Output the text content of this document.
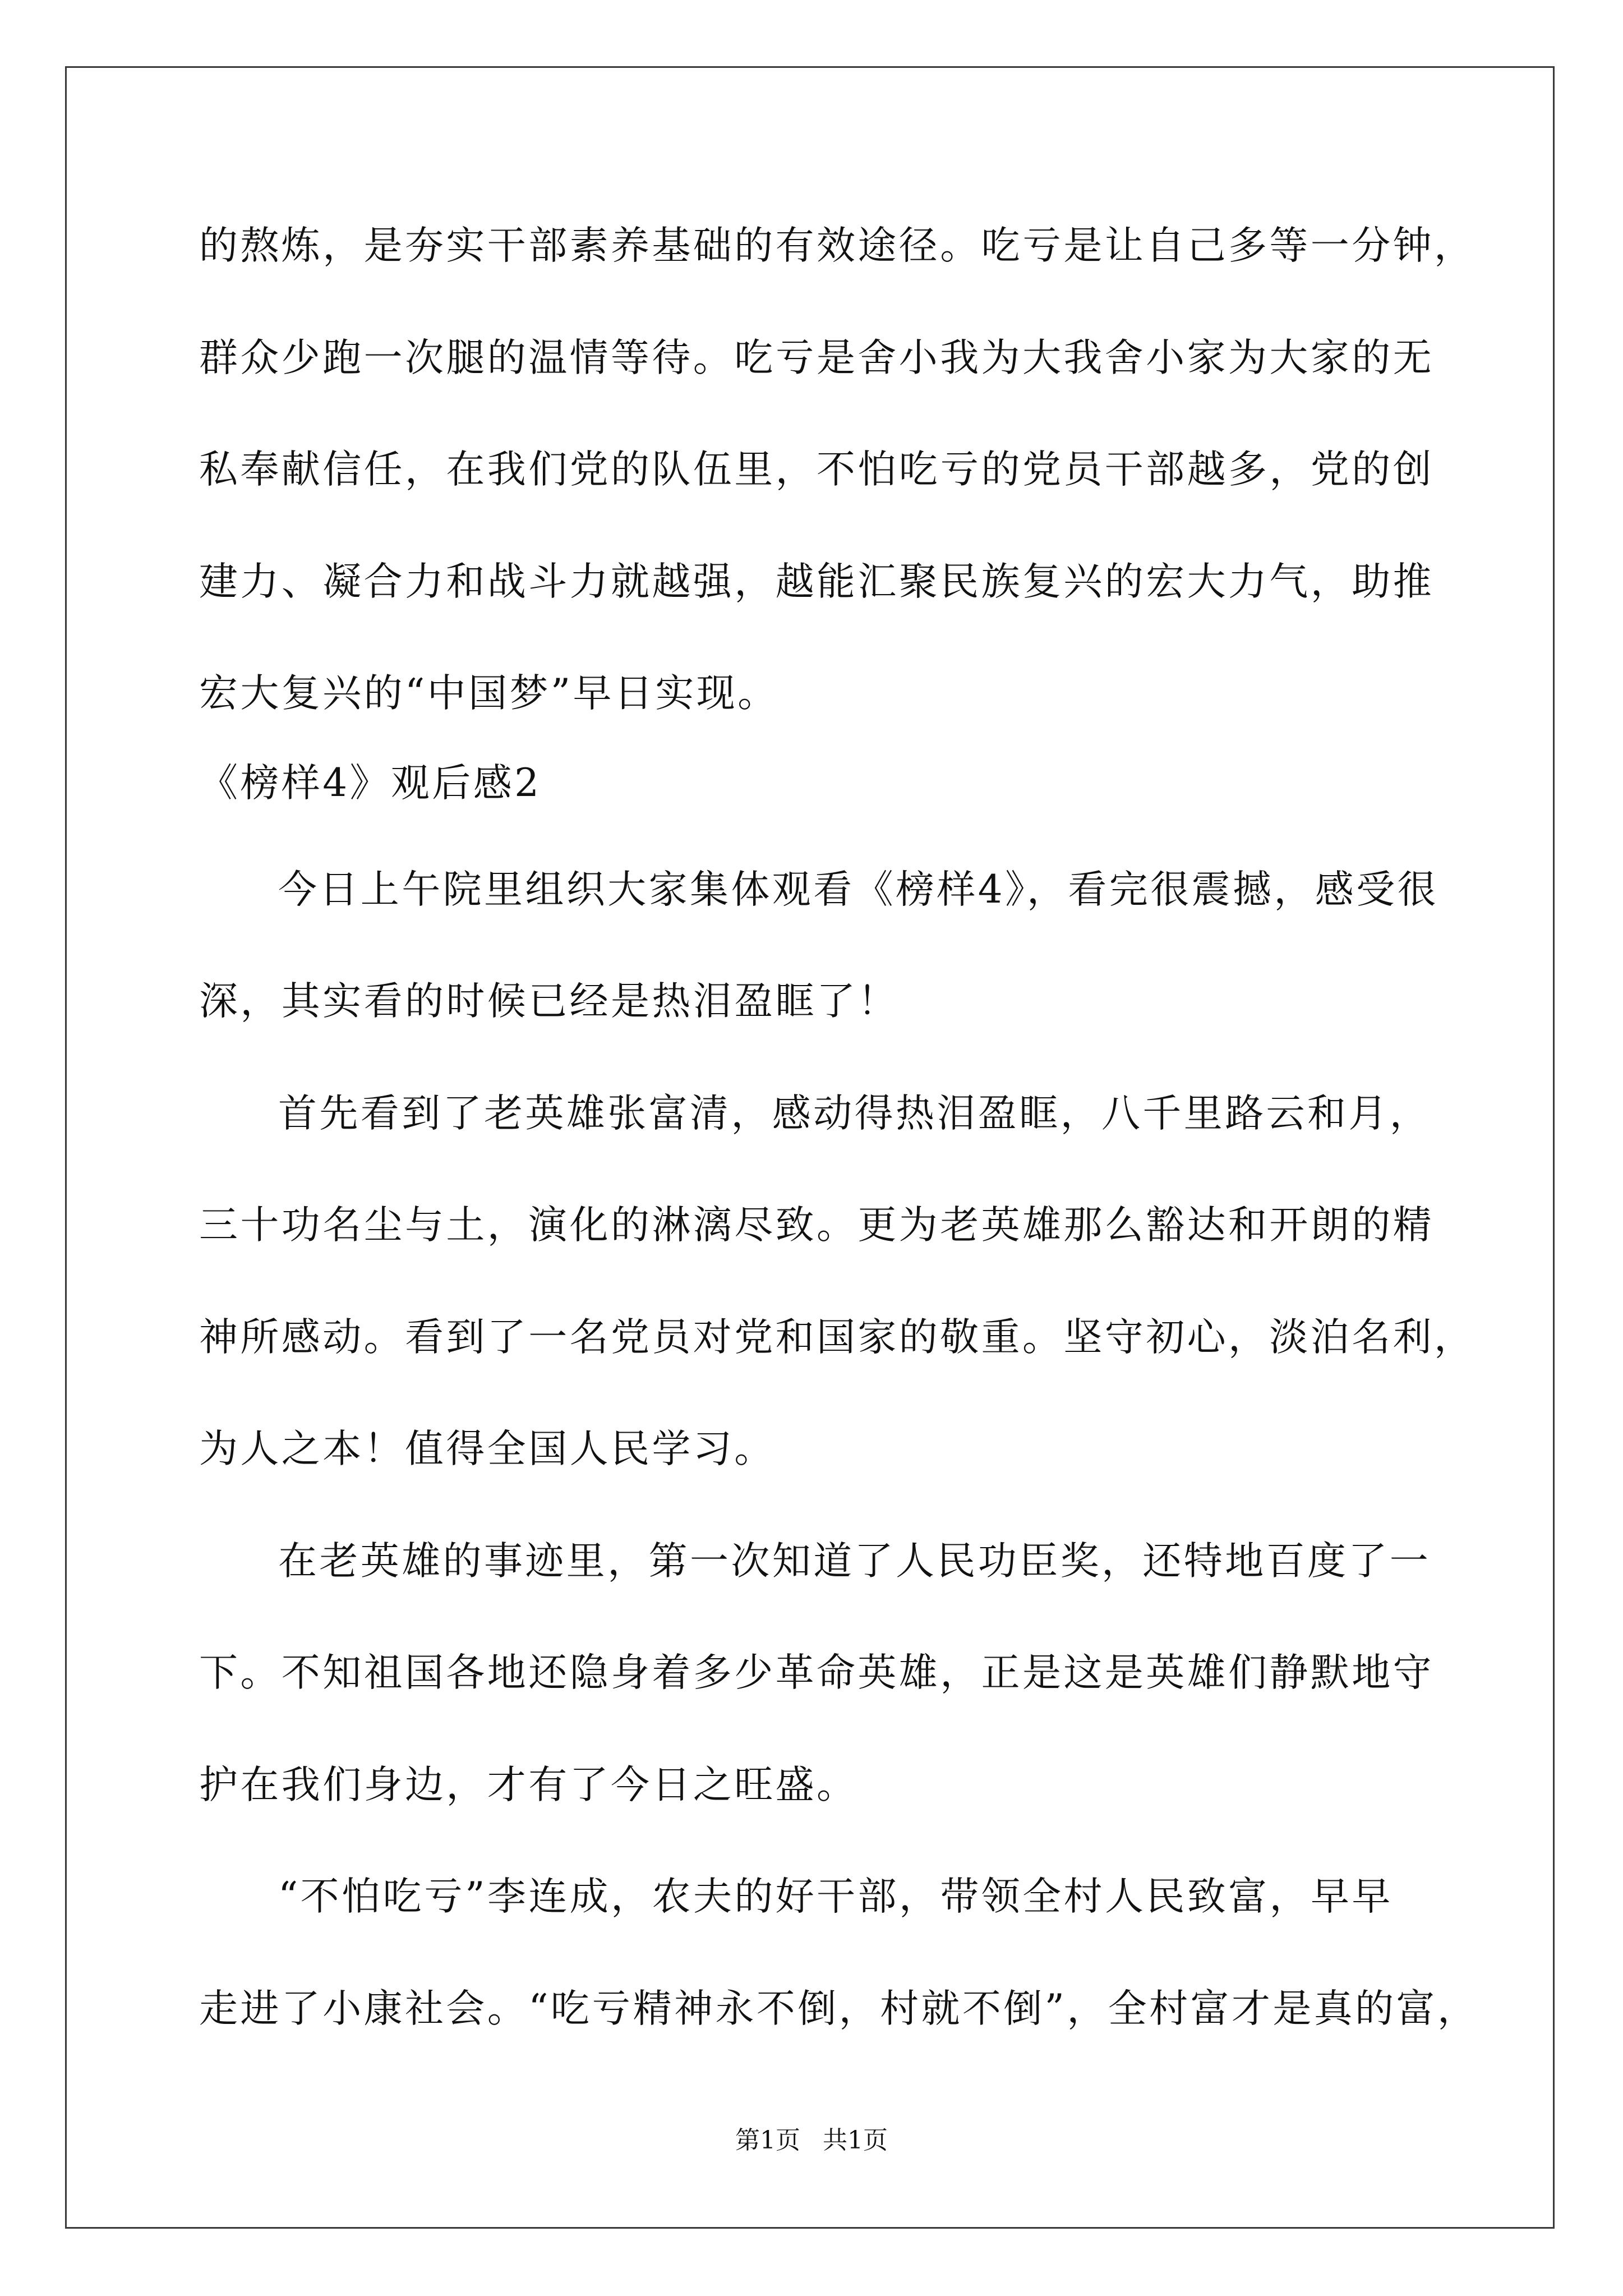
的熬炼，是夯实干部素养基础的有效途径。吃亏是让自己多等一分钟，
群众少跑一次腿的温情等待。吃亏是舍小我为大我舍小家为大家的无
私奉献信任，在我们党的队伍里，不怕吃亏的党员干部越多，党的创
建力、凝合力和战斗力就越强，越能汇聚民族复兴的宏大力气，助推
宏大复兴的“中国梦”早日实现。
《榜样4》观后感2
今日上午院里组织大家集体观看《榜样4》，看完很震撼，感受很
深，其实看的时候已经是热泪盈眶了！
首先看到了老英雄张富清，感动得热泪盈眶，八千里路云和月，
三十功名尘与土，演化的淋漓尽致。更为老英雄那么豁达和开朗的精
神所感动。看到了一名党员对党和国家的敬重。坚守初心，淡泊名利，
为人之本！值得全国人民学习。
在老英雄的事迹里，第一次知道了人民功臣奖，还特地百度了一
下。不知祖国各地还隐身着多少革命英雄，正是这是英雄们静默地守
护在我们身边，才有了今日之旺盛。
“不怕吃亏”李连成，农夫的好干部，带领全村人民致富，早早
走进了小康社会。“吃亏精神永不倒，村就不倒”，全村富才是真的富，
第1页 共1页
